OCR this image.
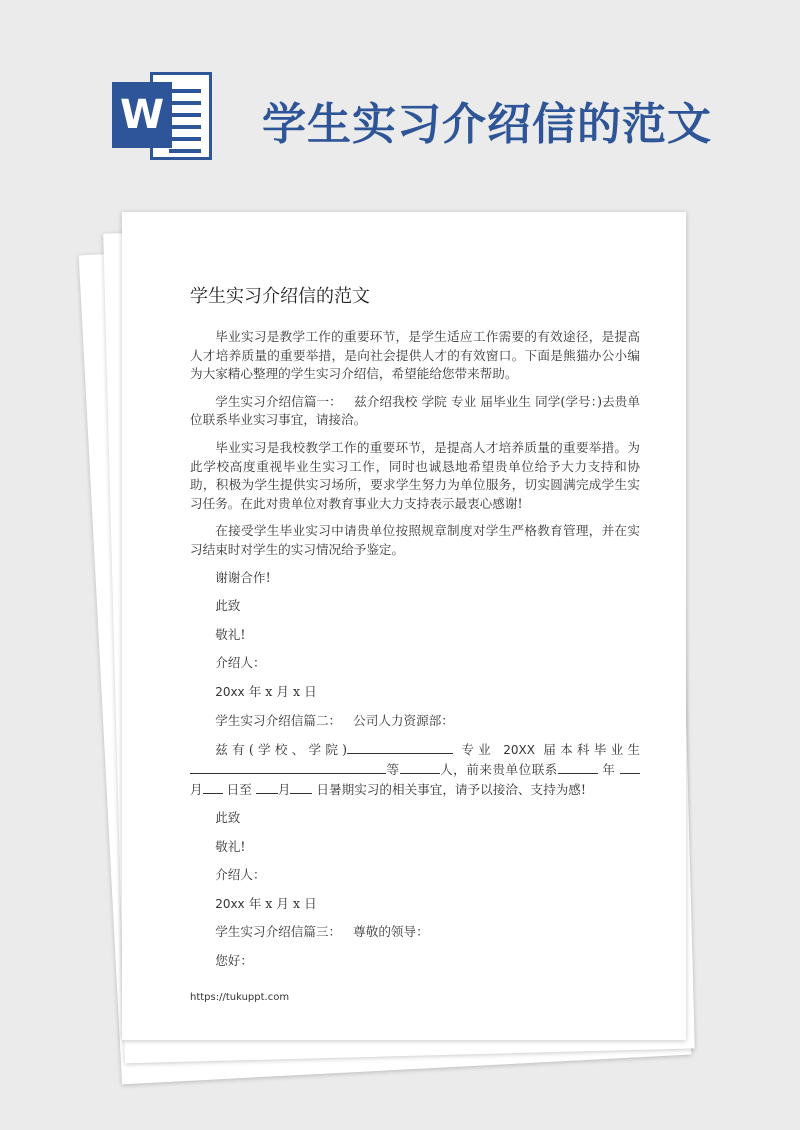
W 学生实习介绍信的范文
学生实习介绍信的范文

毕业实习是教学工作的重要环节，是学生适应工作需要的有效途径，是提高人才培养质量的重要举措，是向社会提供人才的有效窗口。下面是熊猫办公小编为大家精心整理的学生实习介绍信，希望能给您带来帮助。

学生实习介绍信篇一： 兹介绍我校 学院 专业 届毕业生 同学(学号：)去贵单位联系毕业实习事宜，请接洽。

毕业实习是我校教学工作的重要环节，是提高人才培养质量的重要举措。为此学校高度重视毕业生实习工作，同时也诚恳地希望贵单位给予大力支持和协助，积极为学生提供实习场所，要求学生努力为单位服务，切实圆满完成学生实习任务。在此对贵单位对教育事业大力支持表示最衷心感谢!

在接受学生毕业实习中请贵单位按照规章制度对学生严格教育管理，并在实习结束时对学生的实习情况给予鉴定。

谢谢合作!

此致

敬礼!

介绍人：

20xx 年 x 月 x 日

学生实习介绍信篇二： 公司人力资源部：

兹有(学校、学院)	专业 20XX 届本科毕业生等	人，前来贵单位联系	年 月 日至 月 日暑期实习的相关事宜，请予以接洽、支持为感!

此致

敬礼!

介绍人：

20xx 年 x 月 x 日

学生实习介绍信篇三： 尊敬的领导：

您好：

https://tukuppt.com
